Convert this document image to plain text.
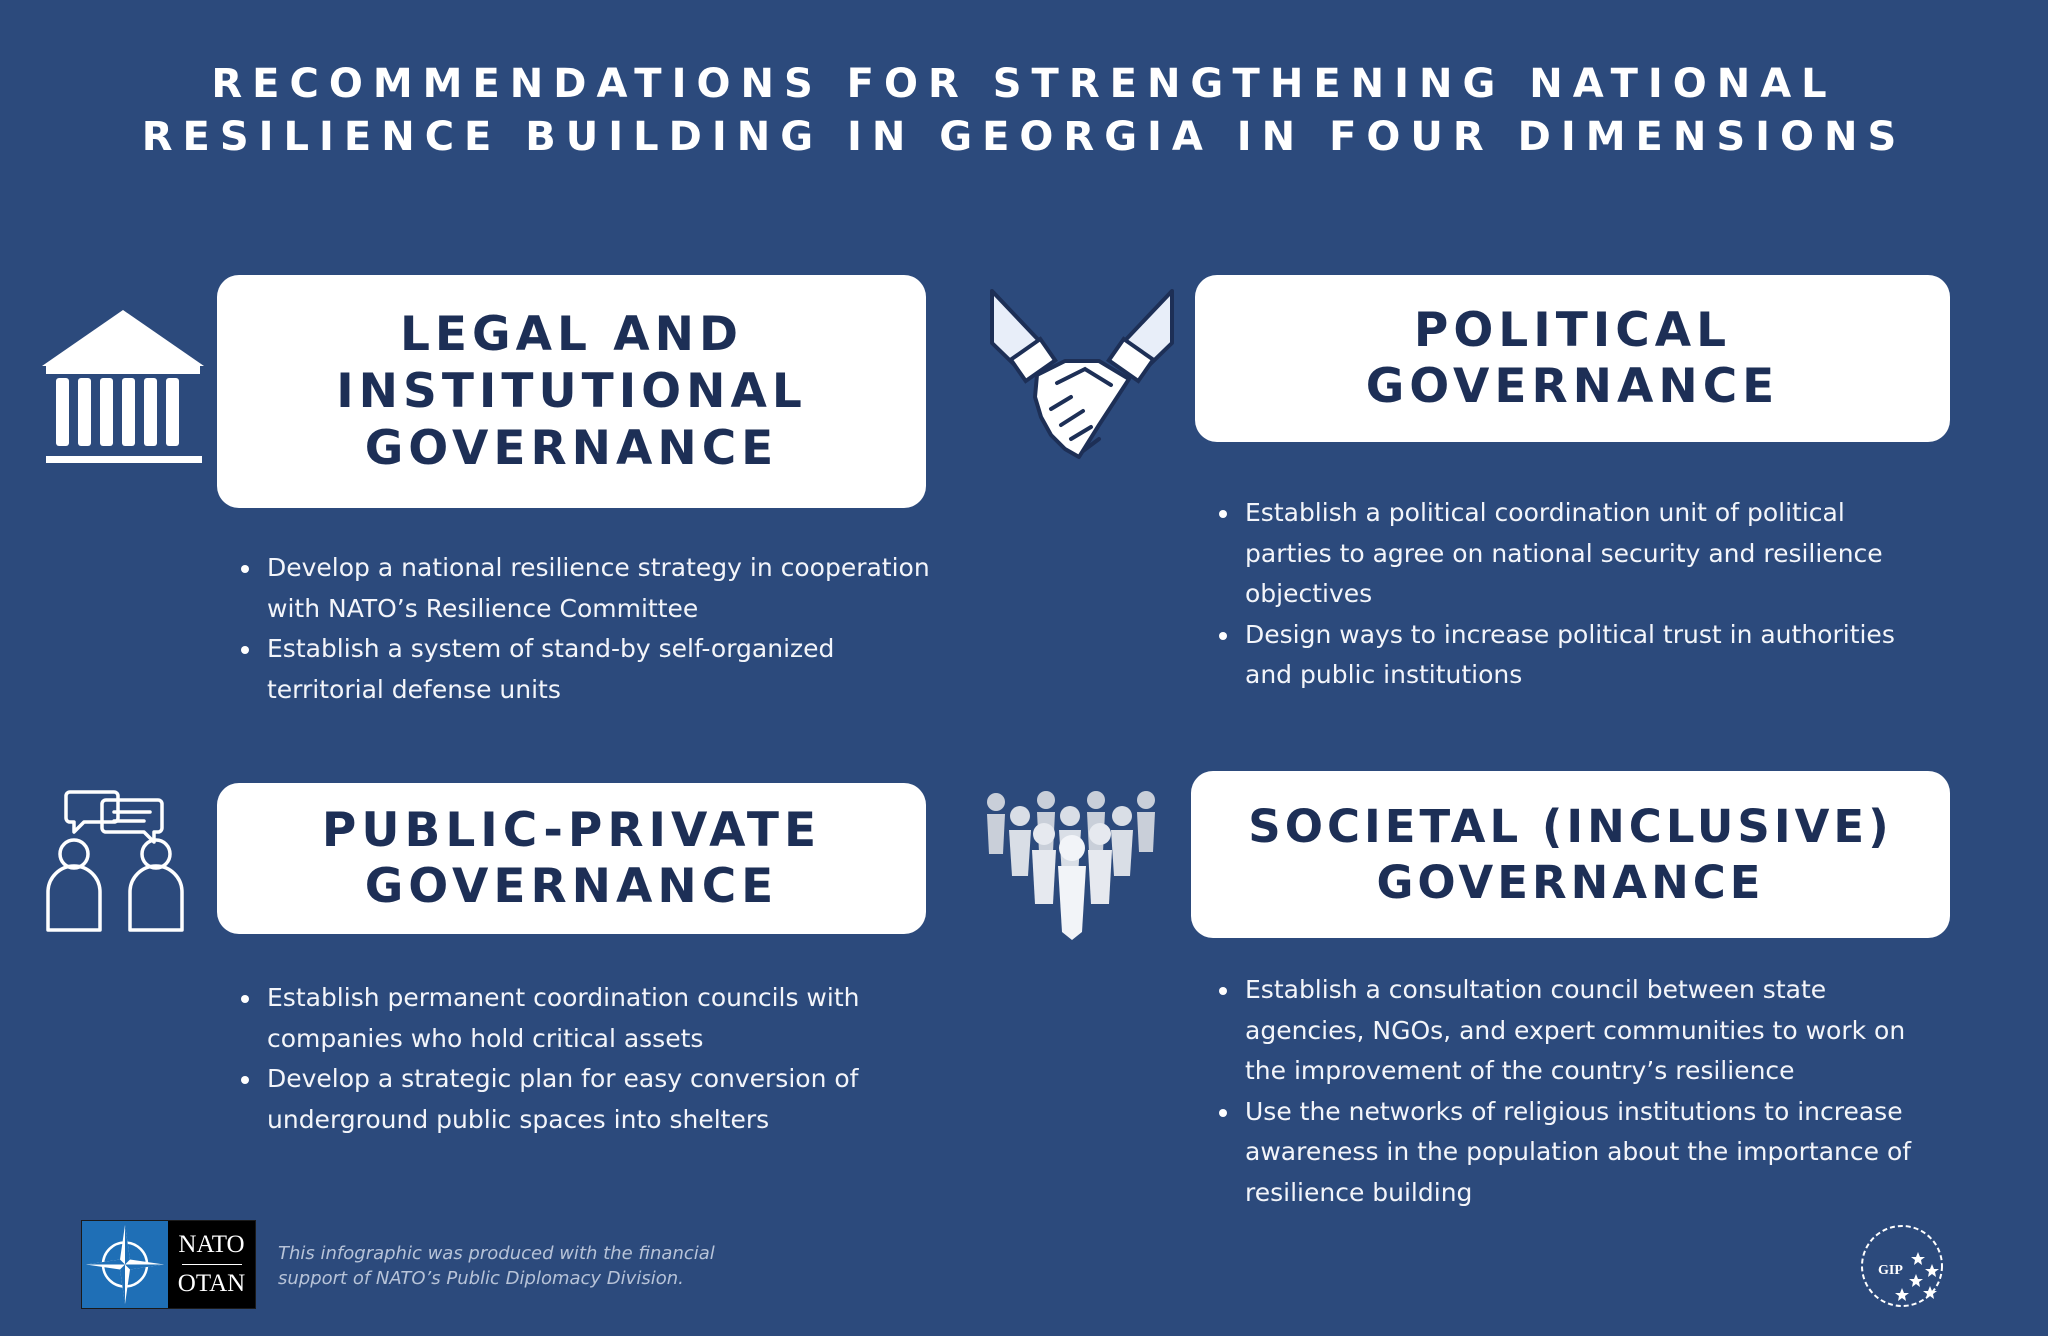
RECOMMENDATIONS FOR STRENGTHENING NATIONAL
RESILIENCE BUILDING IN GEORGIA IN FOUR DIMENSIONS
LEGAL AND
INSTITUTIONAL
GOVERNANCE
Develop a national resilience strategy in cooperation with NATO’s Resilience Committee
Establish a system of stand-by self-organized territorial defense units
POLITICAL
GOVERNANCE
Establish a political coordination unit of political parties to agree on national security and resilience objectives
Design ways to increase political trust in authorities and public institutions
PUBLIC-PRIVATE
GOVERNANCE
Establish permanent coordination councils with companies who hold critical assets
Develop a strategic plan for easy conversion of underground public spaces into shelters
SOCIETAL (INCLUSIVE)
GOVERNANCE
Establish a consultation council between state agencies, NGOs, and expert communities to work on the improvement of the country’s resilience
Use the networks of religious institutions to increase awareness in the population about the importance of resilience building
NATO
OTAN
This infographic was produced with the financial
support of NATO’s Public Diplomacy Division.	GIP
